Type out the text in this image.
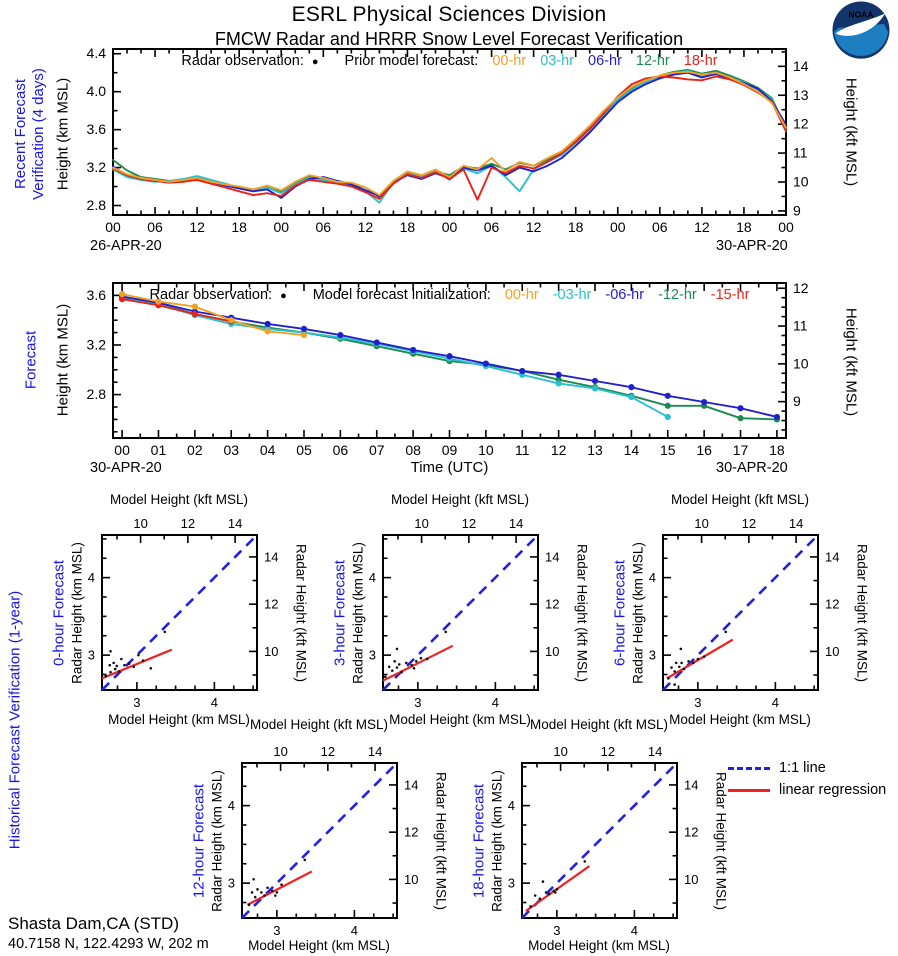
ESRL Physical Sciences Division
FMCW Radar and HRRR Snow Level Forecast Verification
NOAA
Recent Forecast Verification (4 days) Height (km MSL)	Height (kft MSL)
00 06 12 18 00 06 12 18 00 06 12 18 00 06 12 18 00
4.4
4.0
3.6
3.2
2.8
14
13
12
11
10
9
Radar observation: ● Prior model forecast: 00-hr 03-hr 06-hr 12-hr 18-hr
26-APR-20	30-APR-20
Forecast Height (km MSL)	Height (kft MSL)
00 01 02 03 04 05 06 07 08 09 10 11 12 13 14 15 16 17 18
3.6
3.2
2.8
12
11
10
9
Radar observation: ● Model forecast initialization: 00-hr -03-hr -06-hr -12-hr -15-hr
30-APR-20	30-APR-20
Time (UTC)
Historical Forecast Verification (1-year) 0-hour Forecast Radar Height (km MSL)	Radar Height (kft MSL)
Model Height (kft MSL)
Model Height (km MSL)
3	4
10	12	14
3
4
10
12
14
3-hour Forecast Radar Height (km MSL)	Radar Height (kft MSL)
Model Height (kft MSL)
Model Height (km MSL)
3	4
10	12	14
3
4
10
12
14
6-hour Forecast Radar Height (km MSL)	Radar Height (kft MSL)
Model Height (kft MSL)
Model Height (km MSL)
3	4
10	12	14
3
4
10
12
14
12-hour Forecast Radar Height (km MSL)	Radar Height (kft MSL)
Model Height (kft MSL)
Model Height (km MSL)
3	4
10	12	14
3
4
10
12
14	18-hour Forecast Radar Height (km MSL)	Radar Height (kft MSL)
Model Height (kft MSL)
Model Height (km MSL)
3	4
10	12	14
3
4
10
12
14
1:1 line
linear regression
Shasta Dam,CA (STD)
40.7158 N, 122.4293 W, 202 m
